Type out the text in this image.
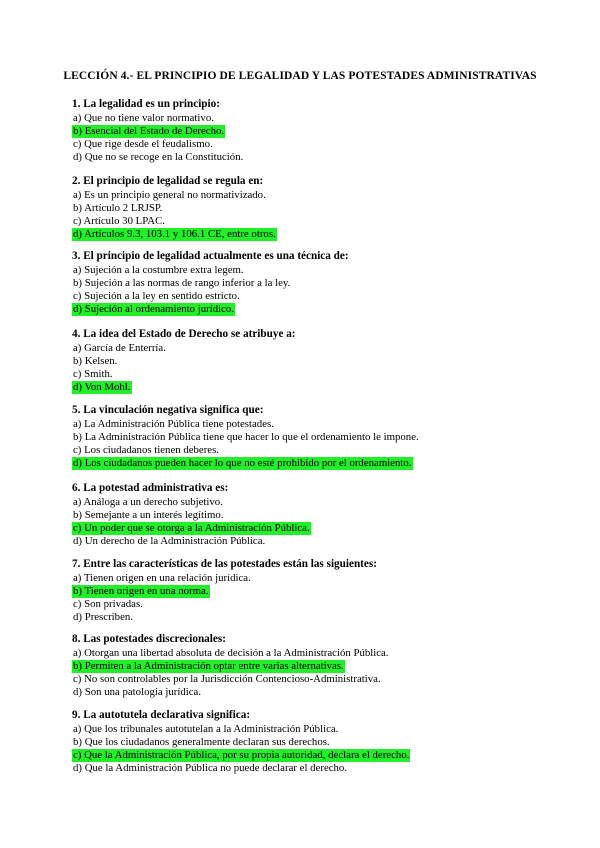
LECCIÓN 4.- EL PRINCIPIO DE LEGALIDAD Y LAS POTESTADES ADMINISTRATIVAS
1. La legalidad es un principio:
a) Que no tiene valor normativo.
b) Esencial del Estado de Derecho.
c) Que rige desde el feudalismo.
d) Que no se recoge en la Constitución.
2. El principio de legalidad se regula en:
a) Es un principio general no normativizado.
b) Artículo 2 LRJSP.
c) Artículo 30 LPAC.
d) Artículos 9.3, 103.1 y 106.1 CE, entre otros.
3. El principio de legalidad actualmente es una técnica de:
a) Sujeción a la costumbre extra legem.
b) Sujeción a las normas de rango inferior a la ley.
c) Sujeción a la ley en sentido estricto.
d) Sujeción al ordenamiento jurídico.
4. La idea del Estado de Derecho se atribuye a:
a) García de Enterría.
b) Kelsen.
c) Smith.
d) Von Mohl.
5. La vinculación negativa significa que:
a) La Administración Pública tiene potestades.
b) La Administración Pública tiene que hacer lo que el ordenamiento le impone.
c) Los ciudadanos tienen deberes.
d) Los ciudadanos pueden hacer lo que no esté prohibido por el ordenamiento.
6. La potestad administrativa es:
a) Análoga a un derecho subjetivo.
b) Semejante a un interés legítimo.
c) Un poder que se otorga a la Administración Pública.
d) Un derecho de la Administración Pública.
7. Entre las características de las potestades están las siguientes:
a) Tienen origen en una relación jurídica.
b) Tienen origen en una norma.
c) Son privadas.
d) Prescriben.
8. Las potestades discrecionales:
a) Otorgan una libertad absoluta de decisión a la Administración Pública.
b) Permiten a la Administración optar entre varias alternativas.
c) No son controlables por la Jurisdicción Contencioso-Administrativa.
d) Son una patología jurídica.
9. La autotutela declarativa significa:
a) Que los tribunales autotutelan a la Administración Pública.
b) Que los ciudadanos generalmente declaran sus derechos.
c) Que la Administración Pública, por su propia autoridad, declara el derecho.
d) Que la Administración Pública no puede declarar el derecho.
